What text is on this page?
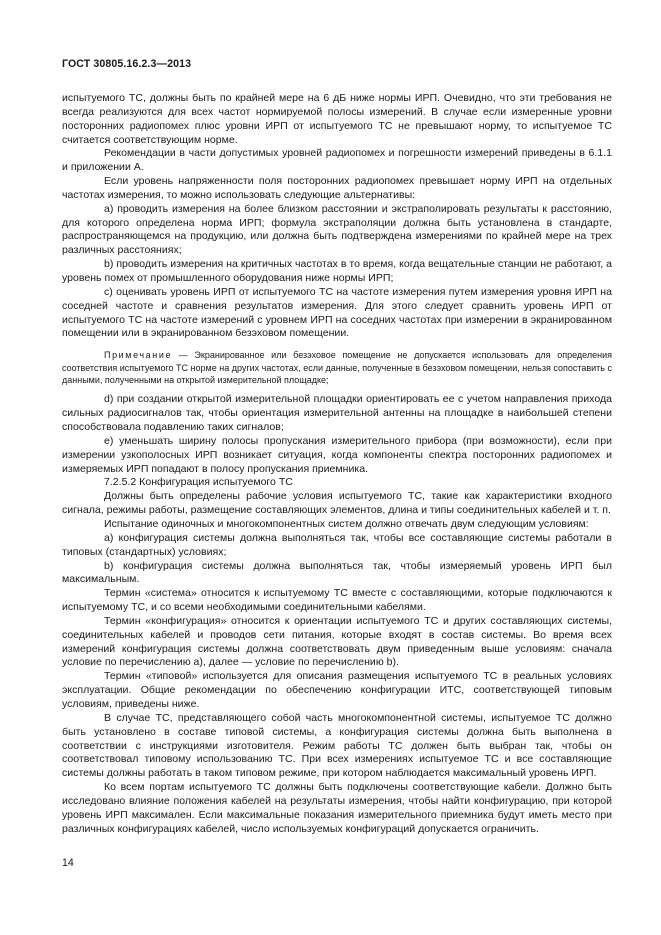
ГОСТ 30805.16.2.3—2013

испытуемого ТС, должны быть по крайней мере на 6 дБ ниже нормы ИРП. Очевидно, что эти требования не всегда реализуются для всех частот нормируемой полосы измерений. В случае если измеренные уровни посторонних радиопомех плюс уровни ИРП от испытуемого ТС не превышают норму, то испытуемое ТС считается соответствующим норме.

Рекомендации в части допустимых уровней радиопомех и погрешности измерений приведены в 6.1.1 и приложении А.

Если уровень напряженности поля посторонних радиопомех превышает норму ИРП на отдельных частотах измерения, то можно использовать следующие альтернативы:

a) проводить измерения на более близком расстоянии и экстраполировать результаты к расстоянию, для которого определена норма ИРП; формула экстраполяции должна быть установлена в стандарте, распространяющемся на продукцию, или должна быть подтверждена измерениями по крайней мере на трех различных расстояниях;

b) проводить измерения на критичных частотах в то время, когда вещательные станции не работают, а уровень помех от промышленного оборудования ниже нормы ИРП;

c) оценивать уровень ИРП от испытуемого ТС на частоте измерения путем измерения уровня ИРП на соседней частоте и сравнения результатов измерения. Для этого следует сравнить уровень ИРП от испытуемого ТС на частоте измерений с уровнем ИРП на соседних частотах при измерении в экранированном помещении или в экранированном безэховом помещении.

Примечание — Экранированное или безэховое помещение не допускается использовать для определения соответствия испытуемого ТС норме на других частотах, если данные, полученные в безэховом помещении, нельзя сопоставить с данными, полученными на открытой измерительной площадке;

d) при создании открытой измерительной площадки ориентировать ее с учетом направления прихода сильных радиосигналов так, чтобы ориентация измерительной антенны на площадке в наибольшей степени способствовала подавлению таких сигналов;

e) уменьшать ширину полосы пропускания измерительного прибора (при возможности), если при измерении узкополосных ИРП возникает ситуация, когда компоненты спектра посторонних радиопомех и измеряемых ИРП попадают в полосу пропускания приемника.

7.2.5.2 Конфигурация испытуемого ТС

Должны быть определены рабочие условия испытуемого ТС, такие как характеристики входного сигнала, режимы работы, размещение составляющих элементов, длина и типы соединительных кабелей и т. п.

Испытание одиночных и многокомпонентных систем должно отвечать двум следующим условиям:

a) конфигурация системы должна выполняться так, чтобы все составляющие системы работали в типовых (стандартных) условиях;

b) конфигурация системы должна выполняться так, чтобы измеряемый уровень ИРП был максимальным.

Термин «система» относится к испытуемому ТС вместе с составляющими, которые подключаются к испытуемому ТС, и со всеми необходимыми соединительными кабелями.

Термин «конфигурация» относится к ориентации испытуемого ТС и других составляющих системы, соединительных кабелей и проводов сети питания, которые входят в состав системы. Во время всех измерений конфигурация системы должна соответствовать двум приведенным выше условиям: сначала условие по перечислению а), далее — условие по перечислению b).

Термин «типовой» используется для описания размещения испытуемого ТС в реальных условиях эксплуатации. Общие рекомендации по обеспечению конфигурации ИТС, соответствующей типовым условиям, приведены ниже.

В случае ТС, представляющего собой часть многокомпонентной системы, испытуемое ТС должно быть установлено в составе типовой системы, а конфигурация системы должна быть выполнена в соответствии с инструкциями изготовителя. Режим работы ТС должен быть выбран так, чтобы он соответствовал типовому использованию ТС. При всех измерениях испытуемое ТС и все составляющие системы должны работать в таком типовом режиме, при котором наблюдается максимальный уровень ИРП.

Ко всем портам испытуемого ТС должны быть подключены соответствующие кабели. Должно быть исследовано влияние положения кабелей на результаты измерения, чтобы найти конфигурацию, при которой уровень ИРП максимален. Если максимальные показания измерительного приемника будут иметь место при различных конфигурациях кабелей, число используемых конфигураций допускается ограничить.

14
